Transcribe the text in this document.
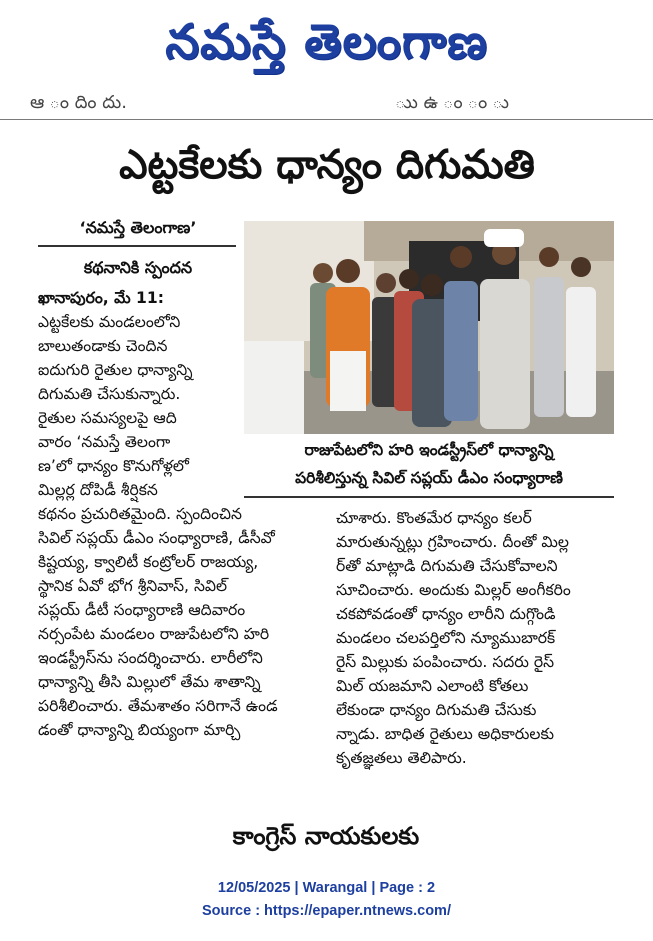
నమస్తే తెలంగాణ
ఆ ం దిం దు.	ుు ఉ ం ం ు
ఎట్టకేలకు ధాన్యం దిగుమతి
‘నమస్తే తెలంగాణ’
కథనానికి స్పందన
రాజుపేటలోని హరి ఇండస్ట్రీస్‌లో ధాన్యాన్ని
పరిశీలిస్తున్న సివిల్ సప్లయ్ డీఎం సంధ్యారాణి
ఖానాపురం, మే 11:
ఎట్టకేలకు మండలంలోని
బాలుతండాకు చెందిన
ఐదుగురి రైతుల ధాన్యాన్ని
దిగుమతి చేసుకున్నారు.
రైతుల సమస్యలపై ఆది
వారం ‘నమస్తే తెలంగా
ణ’లో ధాన్యం కొనుగోళ్లలో
మిల్లర్ల దోపిడీ శీర్షికన
కథనం ప్రచురితమైంది. స్పందించిన
సివిల్ సప్లయ్ డీఎం సంధ్యారాణి, డీసీవో
కిష్టయ్య, క్వాలిటీ కంట్రోలర్ రాజయ్య,
స్థానిక ఏవో భోగ శ్రీనివాస్, సివిల్
సప్లయ్ డీటీ సంధ్యారాణి ఆదివారం
నర్సంపేట మండలం రాజుపేటలోని హరి
ఇండస్ట్రీస్‌ను సందర్శించారు. లారీలోని
ధాన్యాన్ని తీసి మిల్లులో తేమ శాతాన్ని
పరిశీలించారు. తేమశాతం సరిగానే ఉండ
డంతో ధాన్యాన్ని బియ్యంగా మార్చి
చూశారు. కొంతమేర ధాన్యం కలర్
మారుతున్నట్లు గ్రహించారు. దీంతో మిల్ల
ర్‌తో మాట్లాడి దిగుమతి చేసుకోవాలని
సూచించారు. అందుకు మిల్లర్ అంగీకరిం
చకపోవడంతో ధాన్యం లారీని దుగ్గొండి
మండలం చలపర్తిలోని న్యూముబారక్
రైస్ మిల్లుకు పంపించారు. సదరు రైస్
మిల్ యజమాని ఎలాంటి కోతలు
లేకుండా ధాన్యం దిగుమతి చేసుకు
న్నాడు. బాధిత రైతులు అధికారులకు
కృతజ్ఞతలు తెలిపారు.
కాంగ్రెస్ నాయకులకు
12/05/2025 | Warangal | Page : 2
Source : https://epaper.ntnews.com/
